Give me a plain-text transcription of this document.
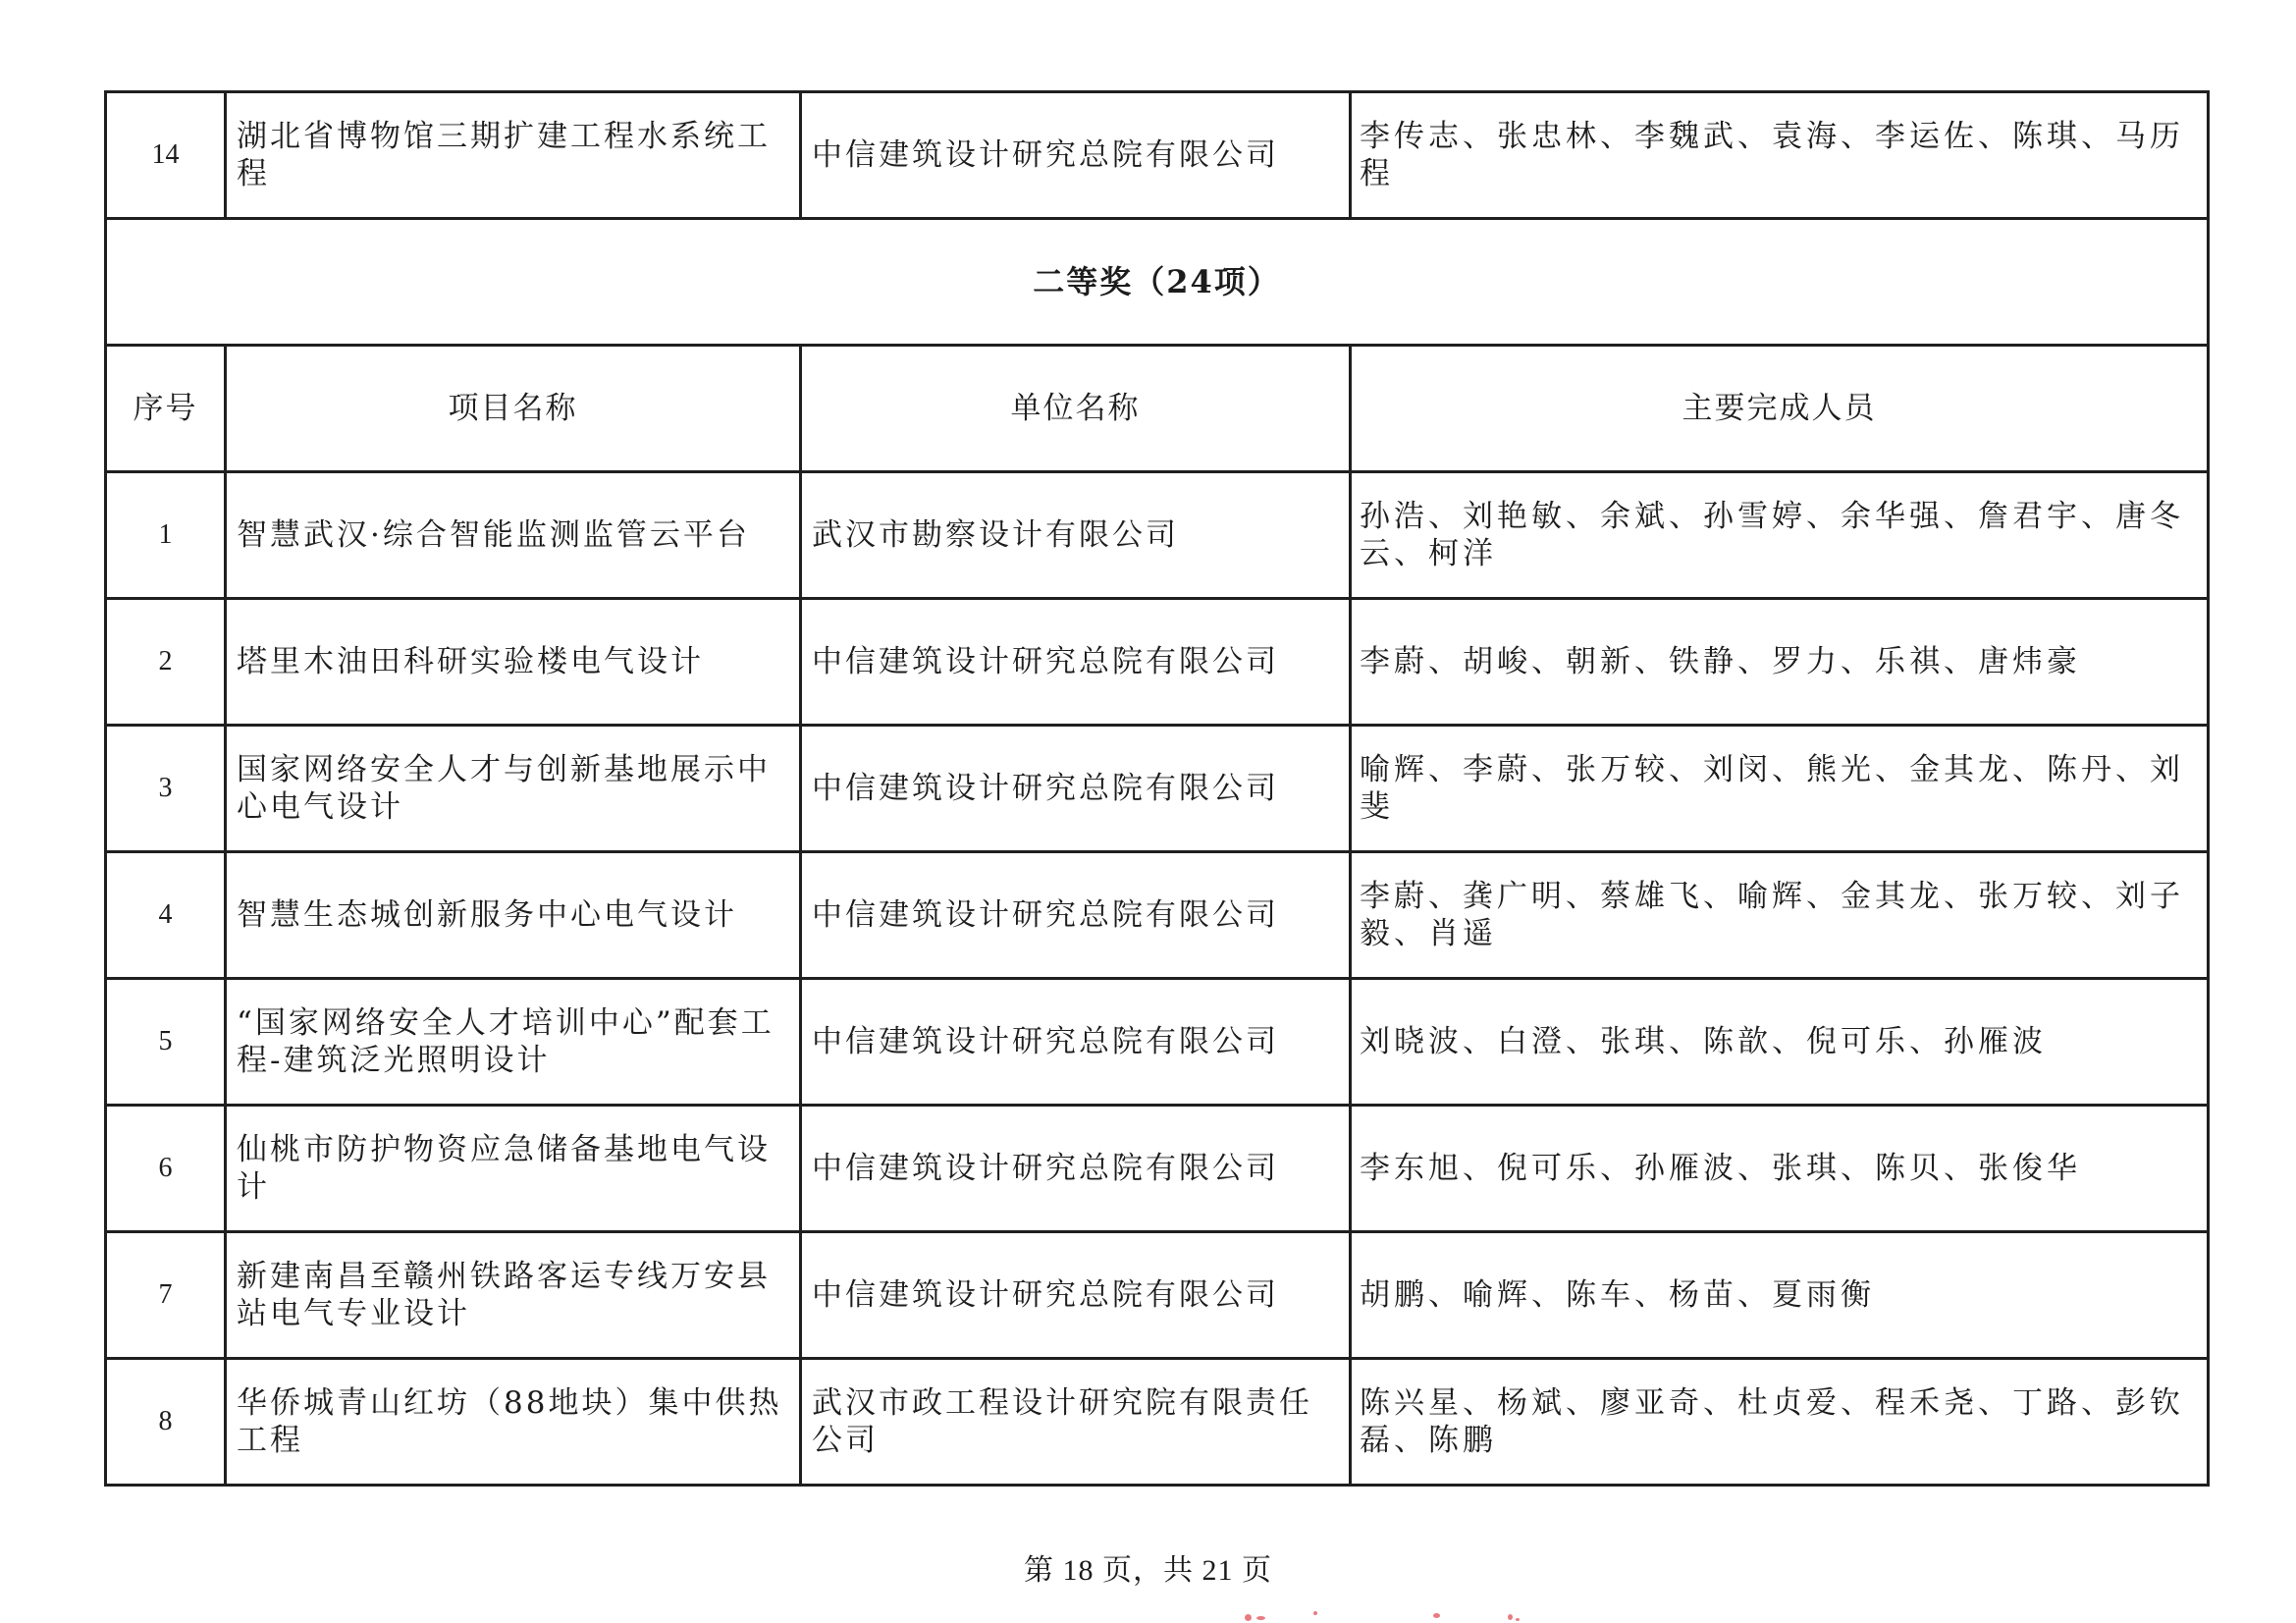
14	湖北省博物馆三期扩建工程水系统工程	中信建筑设计研究总院有限公司	李传志、张忠林、李魏武、袁海、李运佐、陈琪、马历程
二等奖（24项）			
序号	项目名称	单位名称	主要完成人员
1	智慧武汉·综合智能监测监管云平台	武汉市勘察设计有限公司	孙浩、刘艳敏、余斌、孙雪婷、余华强、詹君宇、唐冬云、柯洋
2	塔里木油田科研实验楼电气设计	中信建筑设计研究总院有限公司	李蔚、胡峻、朝新、铁静、罗力、乐祺、唐炜豪
3	国家网络安全人才与创新基地展示中心电气设计	中信建筑设计研究总院有限公司	喻辉、李蔚、张万较、刘闵、熊光、金其龙、陈丹、刘斐
4	智慧生态城创新服务中心电气设计	中信建筑设计研究总院有限公司	李蔚、龚广明、蔡雄飞、喻辉、金其龙、张万较、刘子毅、肖遥
5	“国家网络安全人才培训中心”配套工程-建筑泛光照明设计	中信建筑设计研究总院有限公司	刘晓波、白澄、张琪、陈歆、倪可乐、孙雁波
6	仙桃市防护物资应急储备基地电气设计	中信建筑设计研究总院有限公司	李东旭、倪可乐、孙雁波、张琪、陈贝、张俊华
7	新建南昌至赣州铁路客运专线万安县站电气专业设计	中信建筑设计研究总院有限公司	胡鹏、喻辉、陈车、杨苗、夏雨衡
8	华侨城青山红坊（88地块）集中供热工程	武汉市政工程设计研究院有限责任公司	陈兴星、杨斌、廖亚奇、杜贞爱、程禾尧、丁路、彭钦磊、陈鹏
第 18 页，共 21 页
